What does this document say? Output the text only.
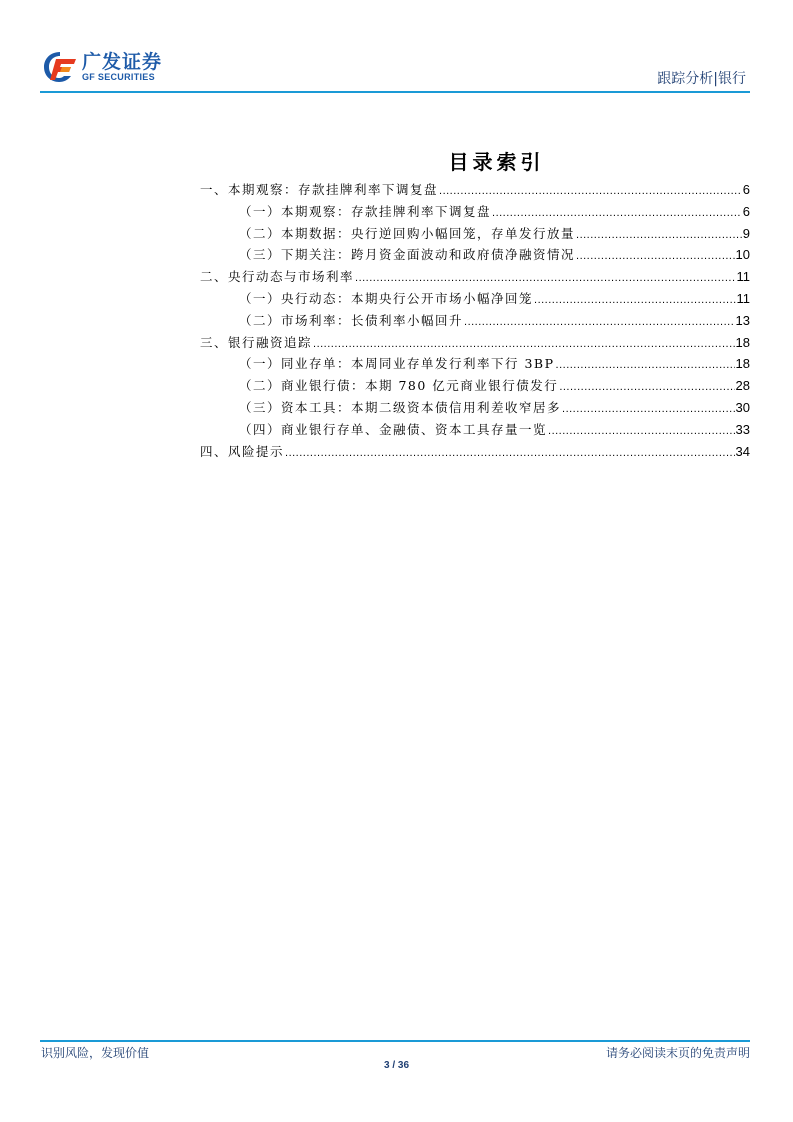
广发证券
GF SECURITIES	跟踪分析|银行
目录索引
一、本期观察：存款挂牌利率下调复盘 .....	6
（一）本期观察：存款挂牌利率下调复盘 .....	6
（二）本期数据：央行逆回购小幅回笼，存单发行放量 .....	9
（三）下期关注：跨月资金面波动和政府债净融资情况 .....	10
二、央行动态与市场利率 .....	11
（一）央行动态：本期央行公开市场小幅净回笼 .....	11
（二）市场利率：长债利率小幅回升 .....	13
三、银行融资追踪 .....	18
（一）同业存单：本周同业存单发行利率下行 3BP .....	18
（二）商业银行债：本期 780 亿元商业银行债发行 .....	28
（三）资本工具：本期二级资本债信用利差收窄居多 .....	30
（四）商业银行存单、金融债、资本工具存量一览 .....	33
四、风险提示 .....	34
识别风险，发现价值
3 / 36
请务必阅读末页的免责声明
